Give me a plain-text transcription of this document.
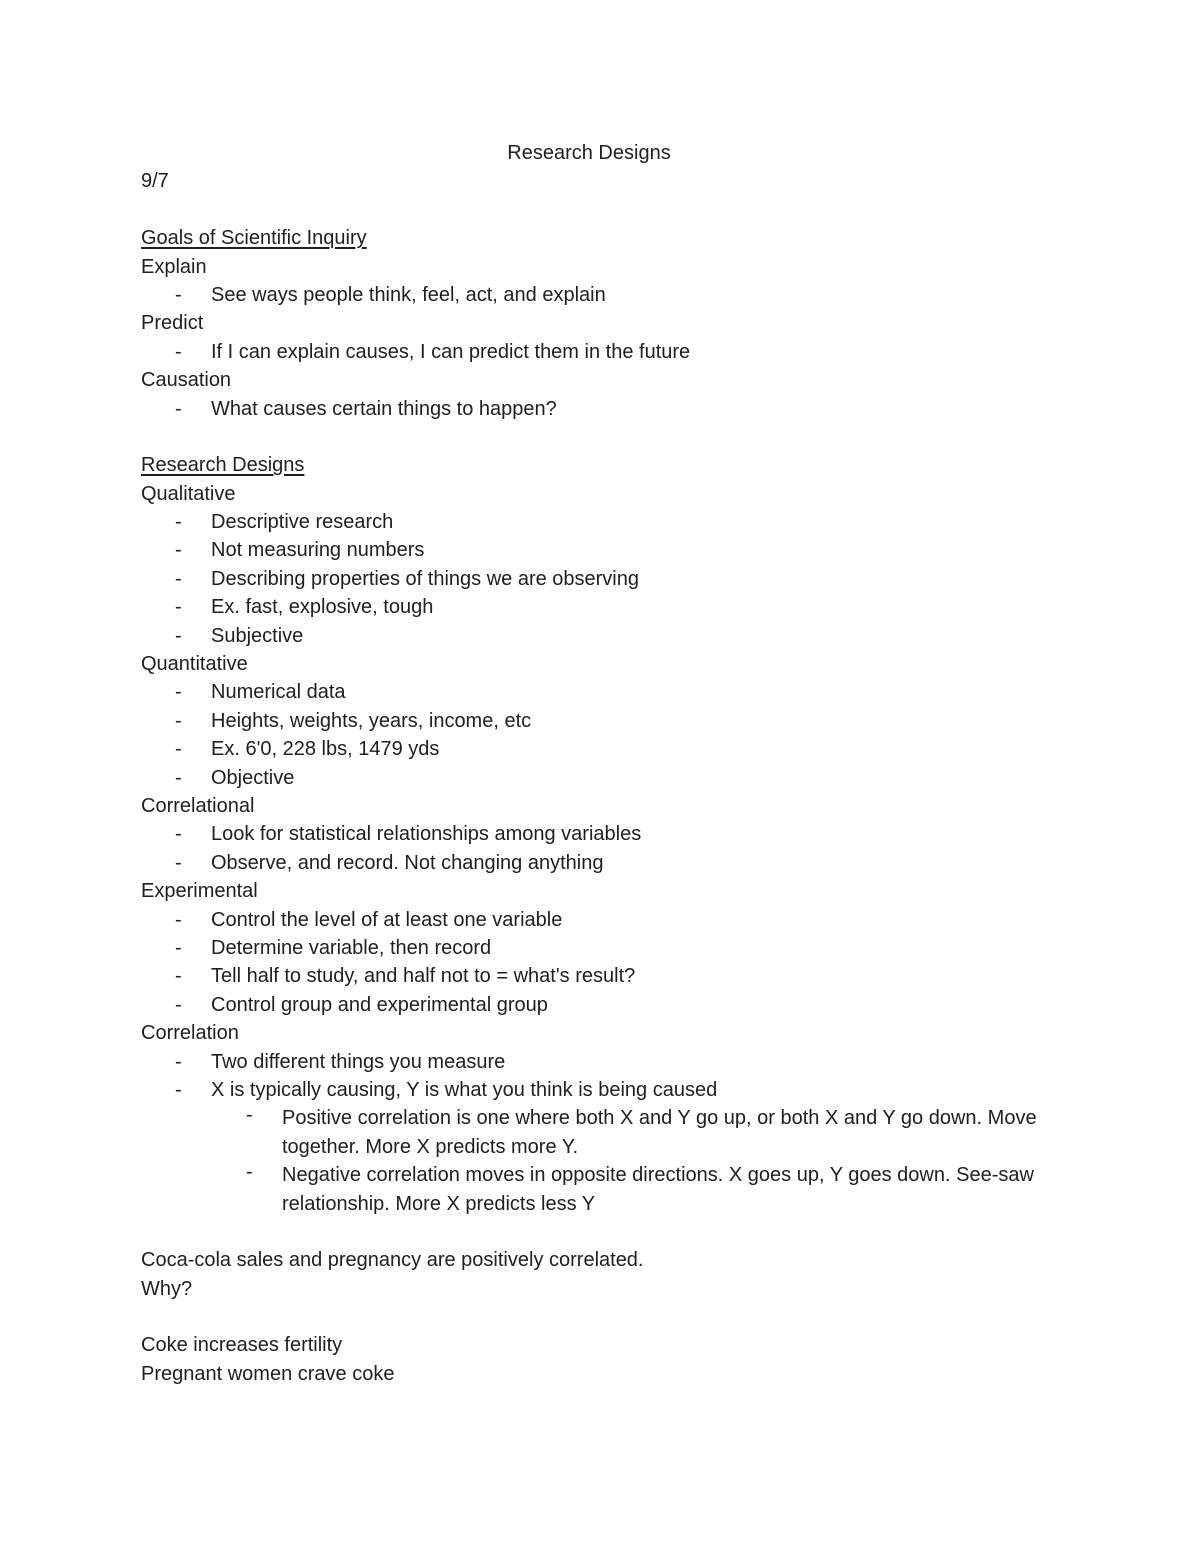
Research Designs
9/7
Goals of Scientific Inquiry
Explain
- See ways people think, feel, act, and explain
Predict
- If I can explain causes, I can predict them in the future
Causation
- What causes certain things to happen?
Research Designs
Qualitative
- Descriptive research
- Not measuring numbers
- Describing properties of things we are observing
- Ex. fast, explosive, tough
- Subjective
Quantitative
- Numerical data
- Heights, weights, years, income, etc
- Ex. 6'0, 228 lbs, 1479 yds
- Objective
Correlational
- Look for statistical relationships among variables
- Observe, and record. Not changing anything
Experimental
- Control the level of at least one variable
- Determine variable, then record
- Tell half to study, and half not to = what's result?
- Control group and experimental group
Correlation
- Two different things you measure
- X is typically causing, Y is what you think is being caused
- Positive correlation is one where both X and Y go up, or both X and Y go down. Move together. More X predicts more Y.
- Negative correlation moves in opposite directions. X goes up, Y goes down. See-saw relationship. More X predicts less Y
Coca-cola sales and pregnancy are positively correlated.
Why?
Coke increases fertility
Pregnant women crave coke
